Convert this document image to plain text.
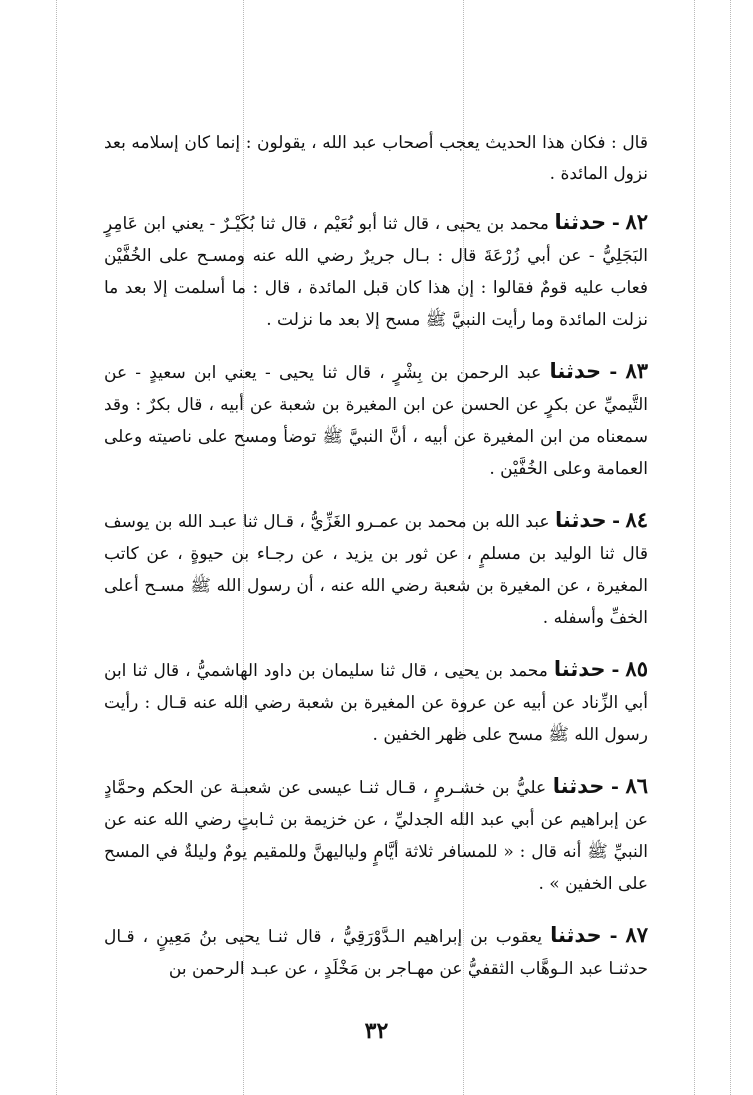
قال : فكان هذا الحديث يعجب أصحاب عبد الله ، يقولون : إنما كان إسلامه بعد نزول المائدة .

٨٢ - حدثنا محمد بن يحيى ، قال ثنا أبو نُعَيْم ، قال ثنا بُكَيْـرٌ - يعني ابن عَامِرٍ البَجَلِيُّ - عن أبي زُرْعَةَ قال : بـال جريرٌ رضي الله عنه ومسـح على الخُفَّيْن فعاب عليه قومٌ فقالوا : إن هذا كان قبل المائدة ، قال : ما أسلمت إلا بعد ما نزلت المائدة وما رأيت النبيَّ ﷺ مسح إلا بعد ما نزلت .

٨٣ - حدثنا عبد الرحمن بن بِشْرٍ ، قال ثنا يحيى - يعني ابن سعيدٍ - عن التَّيميِّ عن بكرٍ عن الحسن عن ابن المغيرة بن شعبة عن أبيه ، قال بكرٌ : وقد سمعناه من ابن المغيرة عن أبيه ، أنَّ النبيَّ ﷺ توضأ ومسح على ناصيته وعلى العمامة وعلى الخُفَّيْن .

٨٤ - حدثنا عبد الله بن محمد بن عمـرو الغَزِّيُّ ، قـال ثنا عبـد الله بن يوسف قال ثنا الوليد بن مسلمٍ ، عن ثور بن يزيد ، عن رجـاء بن حيوةٍ ، عن كاتب المغيرة ، عن المغيرة بن شعبة رضي الله عنه ، أن رسول الله ﷺ مسـح أعلى الخفِّ وأسفله .

٨٥ - حدثنا محمد بن يحيى ، قال ثنا سليمان بن داود الهاشميُّ ، قال ثنا ابن أبي الزِّناد عن أبيه عن عروة عن المغيرة بن شعبة رضي الله عنه قـال : رأيت رسول الله ﷺ مسح على ظهر الخفين .

٨٦ - حدثنا عليُّ بن خشـرمٍ ، قـال ثنـا عيسى عن شعبـة عن الحكم وحمَّادٍ عن إبراهيم عن أبي عبد الله الجدليِّ ، عن خزيمة بن ثـابتٍ رضي الله عنه عن النبيِّ ﷺ أنه قال : « للمسافر ثلاثة أيَّامٍ ولياليهنَّ وللمقيم يومٌ وليلةٌ في المسح على الخفين » .

٨٧ - حدثنا يعقوب بن إبراهيم الـدَّوْرَقِيُّ ، قال ثنـا يحيى بنُ مَعِينٍ ، قـال حدثنـا عبد الـوهَّاب الثقفيُّ عن مهـاجر بن مَخْلَدٍ ، عن عبـد الرحمن بن

٣٢
